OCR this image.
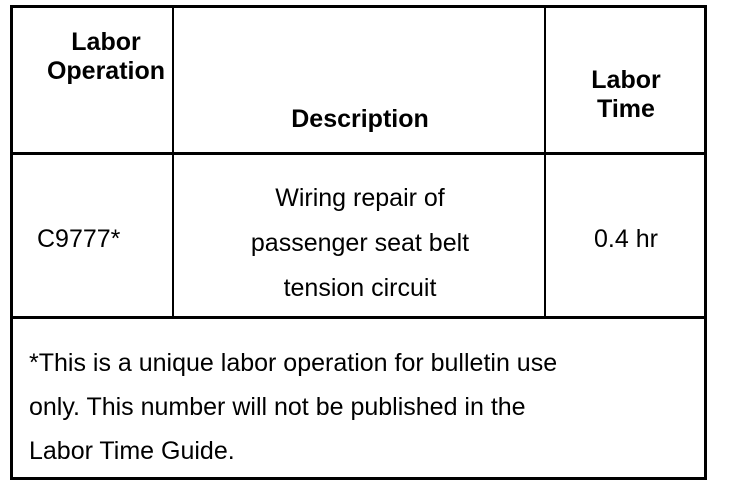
Labor
Operation
Description
Labor
Time
C9777*
Wiring repair of
passenger seat belt
tension circuit
0.4 hr
*This is a unique labor operation for bulletin use
only. This number will not be published in the
Labor Time Guide.
